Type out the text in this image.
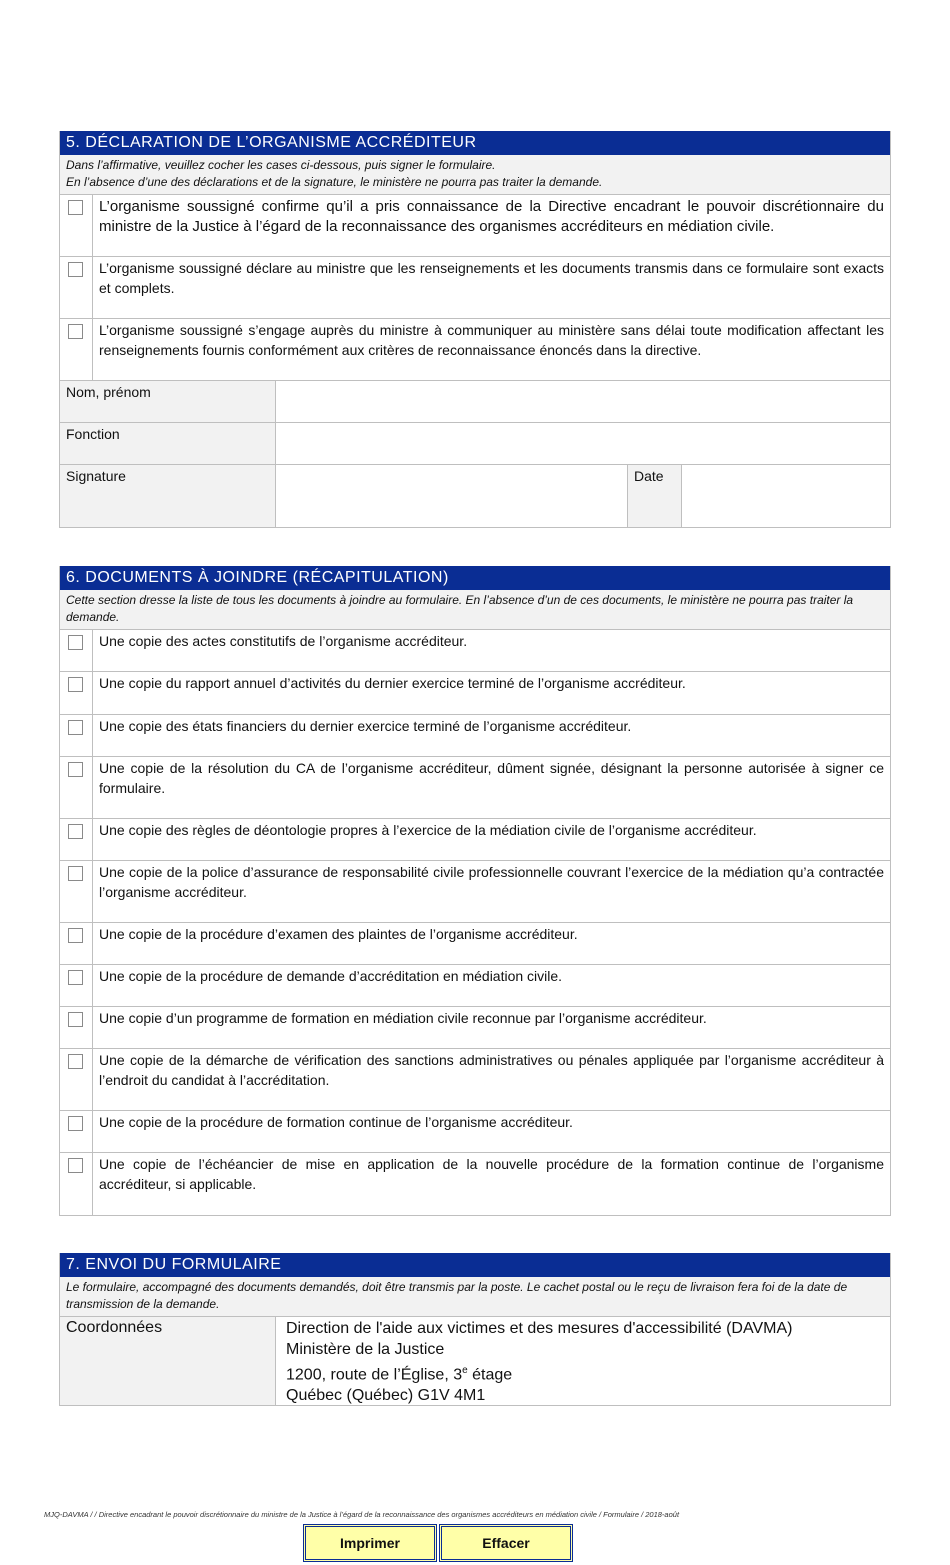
5. DÉCLARATION DE L’ORGANISME ACCRÉDITEUR
Dans l’affirmative, veuillez cocher les cases ci-dessous, puis signer le formulaire.
En l’absence d’une des déclarations et de la signature, le ministère ne pourra pas traiter la demande.
L’organisme soussigné confirme qu’il a pris connaissance de la Directive encadrant le pouvoir discrétionnaire du ministre de la Justice à l’égard de la reconnaissance des organismes accréditeurs en médiation civile.
L’organisme soussigné déclare au ministre que les renseignements et les documents transmis dans ce formulaire sont exacts et complets.
L’organisme soussigné s’engage auprès du ministre à communiquer au ministère sans délai toute modification affectant les renseignements fournis conformément aux critères de reconnaissance énoncés dans la directive.
Nom, prénom
Fonction
Signature	Date
6. DOCUMENTS À JOINDRE (RÉCAPITULATION)
Cette section dresse la liste de tous les documents à joindre au formulaire. En l’absence d’un de ces documents, le ministère ne pourra pas traiter la demande.
Une copie des actes constitutifs de l’organisme accréditeur.
Une copie du rapport annuel d’activités du dernier exercice terminé de l’organisme accréditeur.
Une copie des états financiers du dernier exercice terminé de l’organisme accréditeur.
Une copie de la résolution du CA de l’organisme accréditeur, dûment signée, désignant la personne autorisée à signer ce formulaire.
Une copie des règles de déontologie propres à l’exercice de la médiation civile de l’organisme accréditeur.
Une copie de la police d’assurance de responsabilité civile professionnelle couvrant l’exercice de la médiation qu’a contractée l’organisme accréditeur.
Une copie de la procédure d’examen des plaintes de l’organisme accréditeur.
Une copie de la procédure de demande d’accréditation en médiation civile.
Une copie d’un programme de formation en médiation civile reconnue par l’organisme accréditeur.
Une copie de la démarche de vérification des sanctions administratives ou pénales appliquée par l’organisme accréditeur à l’endroit du candidat à l’accréditation.
Une copie de la procédure de formation continue de l’organisme accréditeur.
Une copie de l’échéancier de mise en application de la nouvelle procédure de la formation continue de l’organisme accréditeur, si applicable.
7. ENVOI DU FORMULAIRE
Le formulaire, accompagné des documents demandés, doit être transmis par la poste. Le cachet postal ou le reçu de livraison fera foi de la date de transmission de la demande.
Coordonnées	Direction de l'aide aux victimes et des mesures d'accessibilité (DAVMA)
Ministère de la Justice
1200, route de l’Église, 3e étage
Québec (Québec) G1V 4M1
MJQ-DAVMA / / Directive encadrant le pouvoir discrétionnaire du ministre de la Justice à l’égard de la reconnaissance des organismes accréditeurs en médiation civile / Formulaire / 2018-août
Imprimer	Effacer
